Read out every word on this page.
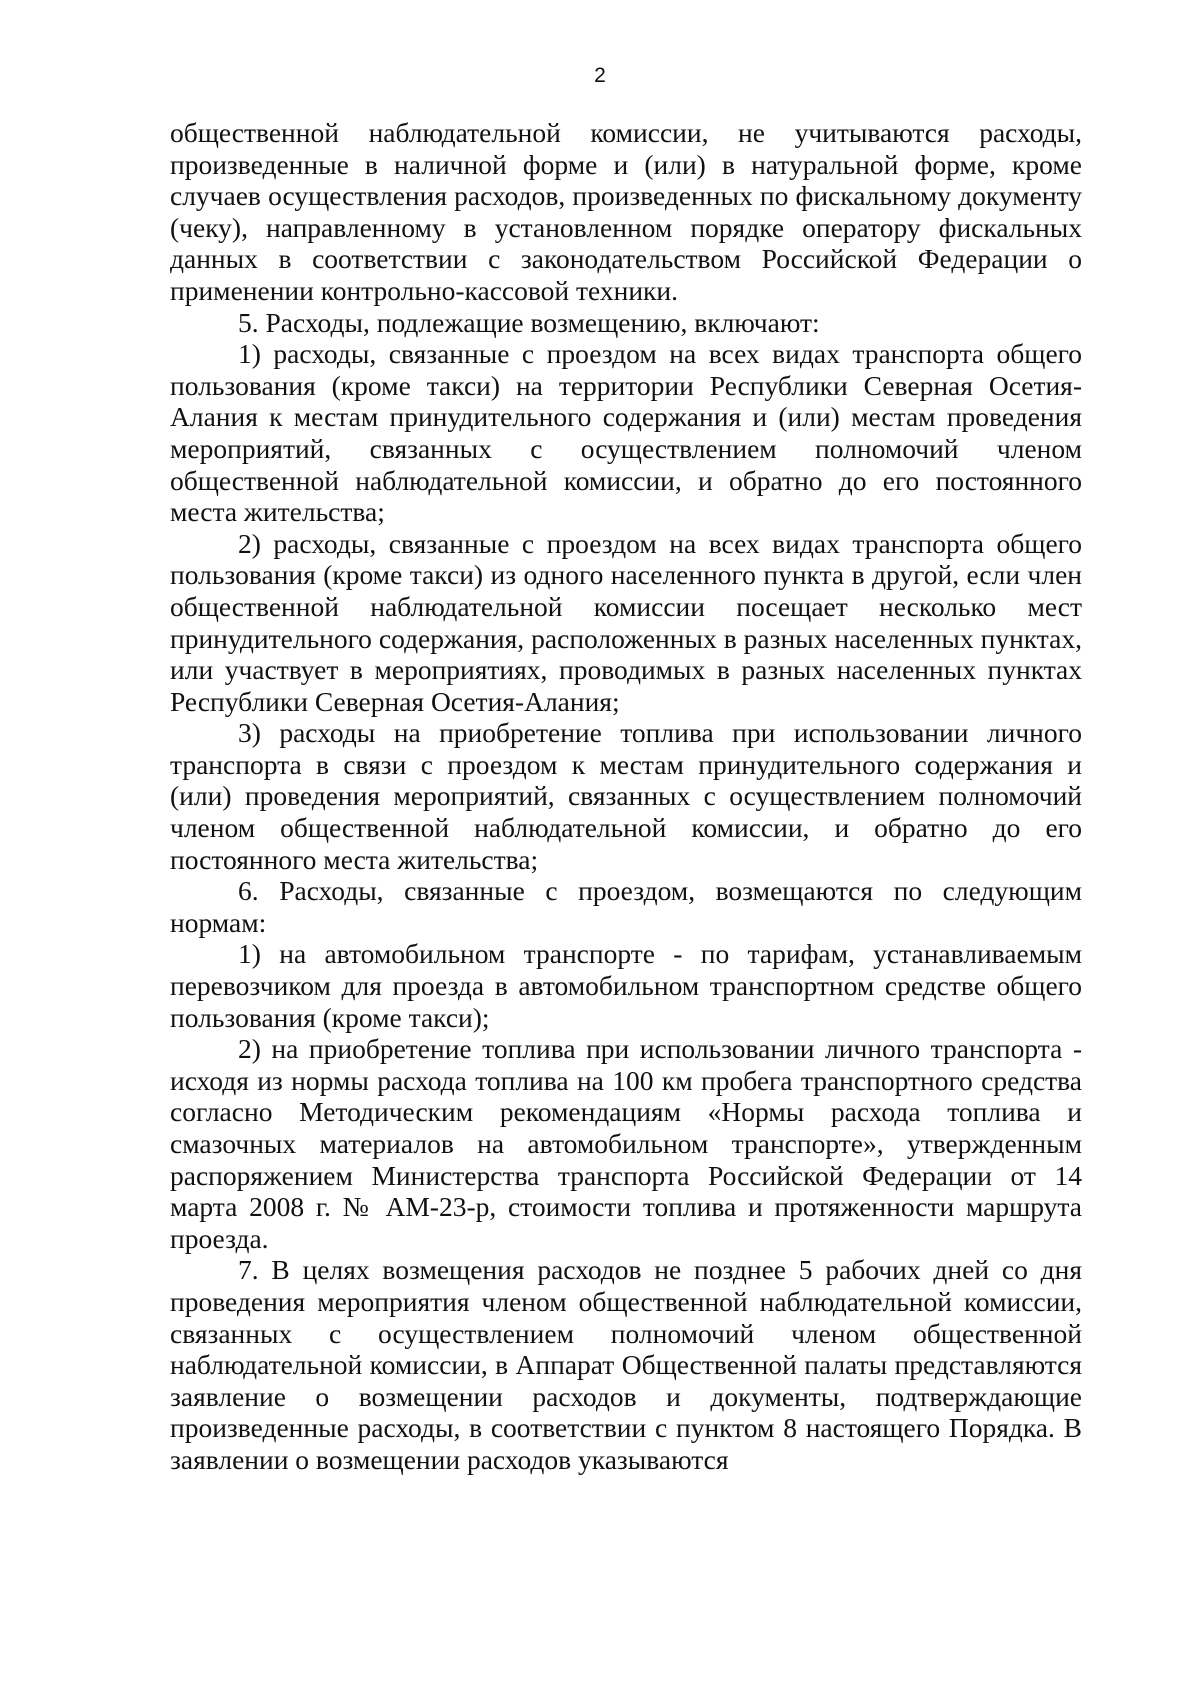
2

общественной наблюдательной комиссии, не учитываются расходы, произведенные в наличной форме и (или) в натуральной форме, кроме случаев осуществления расходов, произведенных по фискальному документу (чеку), направленному в установленном порядке оператору фискальных данных в соответствии с законодательством Российской Федерации о применении контрольно-кассовой техники.

5. Расходы, подлежащие возмещению, включают:

1) расходы, связанные с проездом на всех видах транспорта общего пользования (кроме такси) на территории Республики Северная Осетия-Алания к местам принудительного содержания и (или) местам проведения мероприятий, связанных с осуществлением полномочий членом общественной наблюдательной комиссии, и обратно до его постоянного места жительства;

2) расходы, связанные с проездом на всех видах транспорта общего пользования (кроме такси) из одного населенного пункта в другой, если член общественной наблюдательной комиссии посещает несколько мест принудительного содержания, расположенных в разных населенных пунктах, или участвует в мероприятиях, проводимых в разных населенных пунктах Республики Северная Осетия-Алания;

3) расходы на приобретение топлива при использовании личного транспорта в связи с проездом к местам принудительного содержания и (или) проведения мероприятий, связанных с осуществлением полномочий членом общественной наблюдательной комиссии, и обратно до его постоянного места жительства;

6. Расходы, связанные с проездом, возмещаются по следующим нормам:

1) на автомобильном транспорте - по тарифам, устанавливаемым перевозчиком для проезда в автомобильном транспортном средстве общего пользования (кроме такси);

2) на приобретение топлива при использовании личного транспорта - исходя из нормы расхода топлива на 100 км пробега транспортного средства согласно Методическим рекомендациям «Нормы расхода топлива и смазочных материалов на автомобильном транспорте», утвержденным распоряжением Министерства транспорта Российской Федерации от 14 марта 2008 г. № АМ-23-р, стоимости топлива и протяженности маршрута проезда.

7. В целях возмещения расходов не позднее 5 рабочих дней со дня проведения мероприятия членом общественной наблюдательной комиссии, связанных с осуществлением полномочий членом общественной наблюдательной комиссии, в Аппарат Общественной палаты представляются заявление о возмещении расходов и документы, подтверждающие произведенные расходы, в соответствии с пунктом 8 настоящего Порядка. В заявлении о возмещении расходов указываются
